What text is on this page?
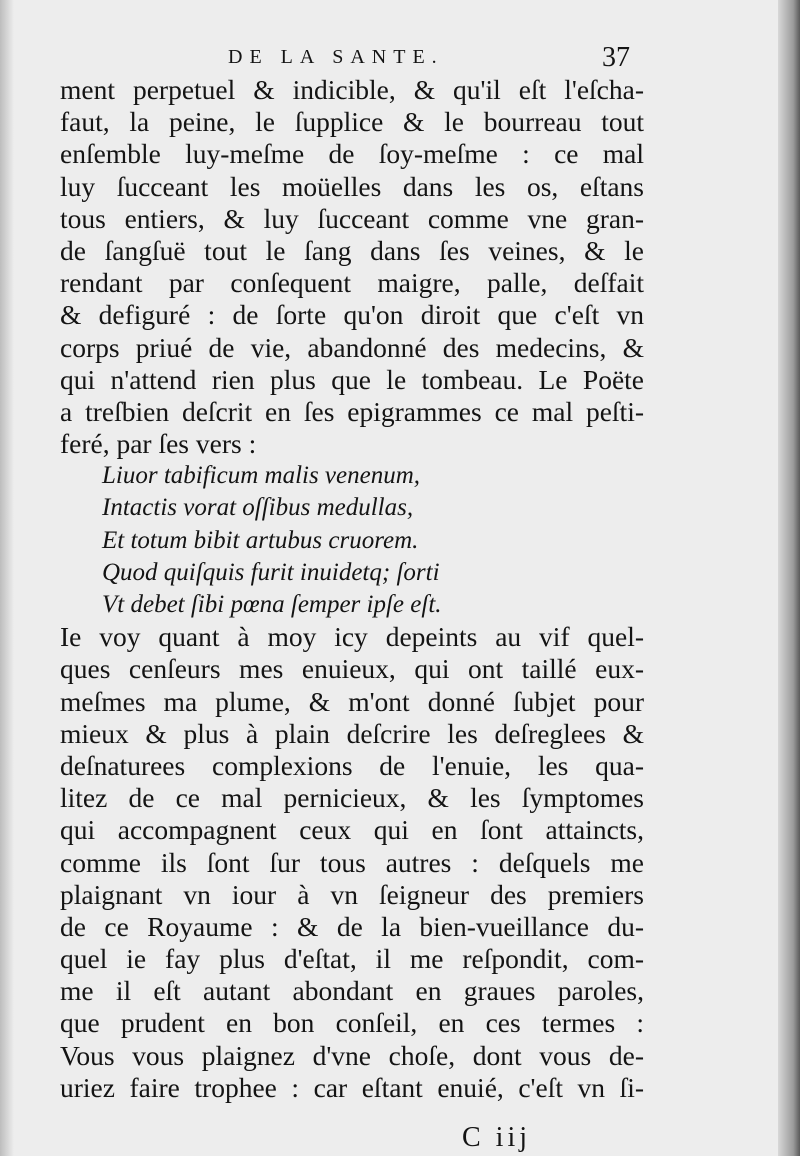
DE LA SANTE.	37
ment perpetuel & indicible, & qu'il eſt l'eſcha-
faut, la peine, le ſupplice & le bourreau tout
enſemble luy-meſme de ſoy-meſme : ce mal
luy ſucceant les moüelles dans les os, eſtans
tous entiers, & luy ſucceant comme vne gran-
de ſangſuë tout le ſang dans ſes veines, & le
rendant par conſequent maigre, palle, deſfait
& defiguré : de ſorte qu'on diroit que c'eſt vn
corps priué de vie, abandonné des medecins, &
qui n'attend rien plus que le tombeau. Le Poëte
a treſbien deſcrit en ſes epigrammes ce mal peſti-
feré, par ſes vers :
Liuor tabificum malis venenum,
Intactis vorat oſſibus medullas,
Et totum bibit artubus cruorem.
Quod quiſquis furit inuidetq; ſorti
Vt debet ſibi pœna ſemper ipſe eſt.
Ie voy quant à moy icy depeints au vif quel-
ques cenſeurs mes enuieux, qui ont taillé eux-
meſmes ma plume, & m'ont donné ſubjet pour
mieux & plus à plain deſcrire les deſreglees &
deſnaturees complexions de l'enuie, les qua-
litez de ce mal pernicieux, & les ſymptomes
qui accompagnent ceux qui en ſont attaincts,
comme ils ſont ſur tous autres : deſquels me
plaignant vn iour à vn ſeigneur des premiers
de ce Royaume : & de la bien-vueillance du-
quel ie fay plus d'eſtat, il me reſpondit, com-
me il eſt autant abondant en graues paroles,
que prudent en bon conſeil, en ces termes :
Vous vous plaignez d'vne choſe, dont vous de-
uriez faire trophee : car eſtant enuié, c'eſt vn ſi-
C iij
